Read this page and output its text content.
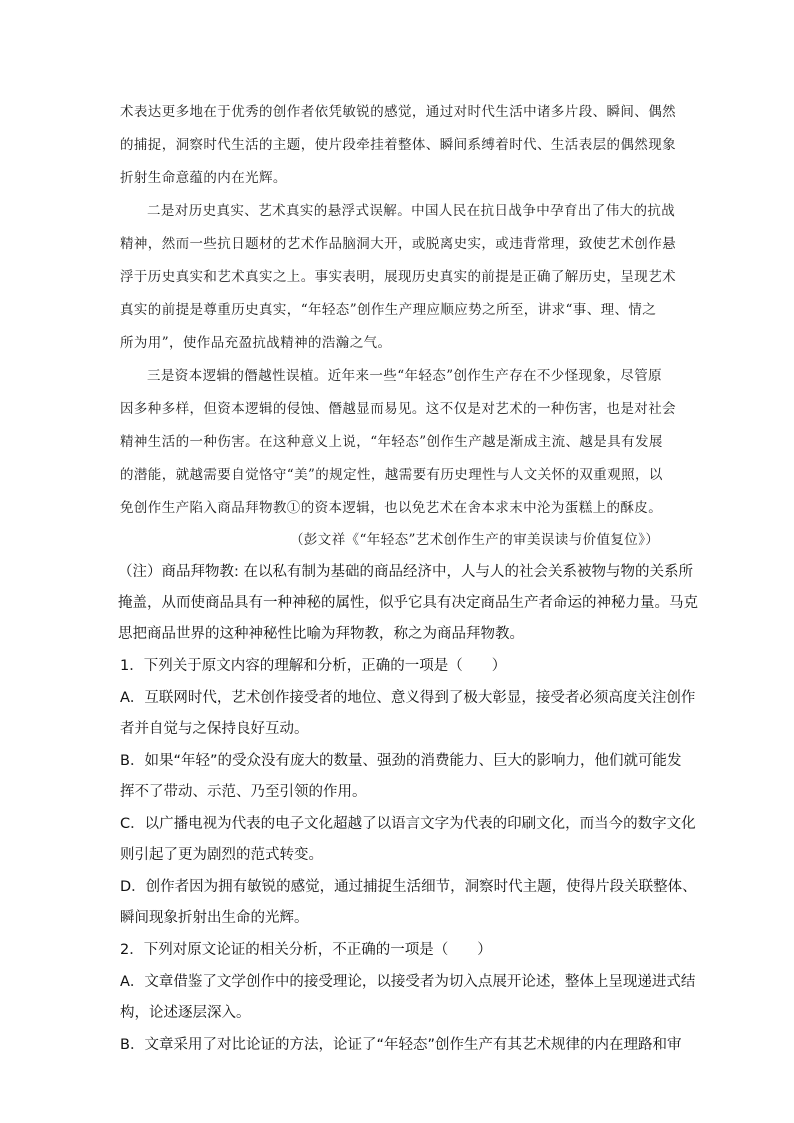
术表达更多地在于优秀的创作者依凭敏锐的感觉，通过对时代生活中诸多片段、瞬间、偶然
的捕捉，洞察时代生活的主题，使片段牵挂着整体、瞬间系缚着时代、生活表层的偶然现象
折射生命意蕴的内在光辉。
二是对历史真实、艺术真实的悬浮式误解。中国人民在抗日战争中孕育出了伟大的抗战
精神，然而一些抗日题材的艺术作品脑洞大开，或脱离史实，或违背常理，致使艺术创作悬
浮于历史真实和艺术真实之上。事实表明，展现历史真实的前提是正确了解历史，呈现艺术
真实的前提是尊重历史真实，“年轻态”创作生产理应顺应势之所至，讲求“事、理、情之
所为用”，使作品充盈抗战精神的浩瀚之气。
三是资本逻辑的僭越性误植。近年来一些“年轻态”创作生产存在不少怪现象，尽管原
因多种多样，但资本逻辑的侵蚀、僭越显而易见。这不仅是对艺术的一种伤害，也是对社会
精神生活的一种伤害。在这种意义上说，“年轻态”创作生产越是渐成主流、越是具有发展
的潜能，就越需要自觉恪守“美”的规定性，越需要有历史理性与人文关怀的双重观照，以
免创作生产陷入商品拜物教①的资本逻辑，也以免艺术在舍本求末中沦为蛋糕上的酥皮。
（彭文祥《“年轻态”艺术创作生产的审美误读与价值复位》）
（注）商品拜物教: 在以私有制为基础的商品经济中，人与人的社会关系被物与物的关系所
掩盖，从而使商品具有一种神秘的属性，似乎它具有决定商品生产者命运的神秘力量。马克
思把商品世界的这种神秘性比喻为拜物教，称之为商品拜物教。
1．下列关于原文内容的理解和分析，正确的一项是（　　）
A．互联网时代，艺术创作接受者的地位、意义得到了极大彰显，接受者必须高度关注创作
者并自觉与之保持良好互动。
B．如果“年轻”的受众没有庞大的数量、强劲的消费能力、巨大的影响力，他们就可能发
挥不了带动、示范、乃至引领的作用。
C．以广播电视为代表的电子文化超越了以语言文字为代表的印刷文化，而当今的数字文化
则引起了更为剧烈的范式转变。
D．创作者因为拥有敏锐的感觉，通过捕捉生活细节，洞察时代主题，使得片段关联整体、
瞬间现象折射出生命的光辉。
2．下列对原文论证的相关分析，不正确的一项是（　　）
A．文章借鉴了文学创作中的接受理论，以接受者为切入点展开论述，整体上呈现递进式结
构，论述逐层深入。
B．文章采用了对比论证的方法，论证了“年轻态”创作生产有其艺术规律的内在理路和审
